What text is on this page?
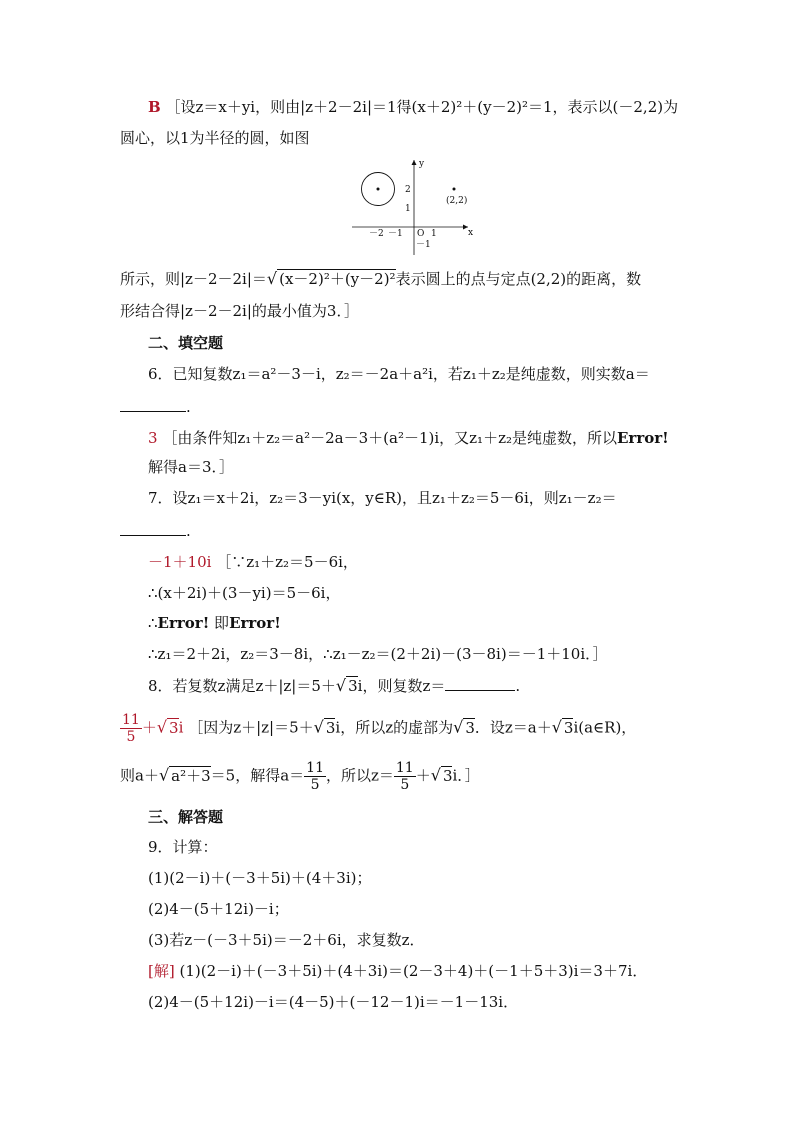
B ［设z＝x＋yi，则由|z＋2－2i|＝1得(x＋2)²＋(y－2)²＝1，表示以(－2,2)为
圆心，以1为半径的圆，如图
y
x
2
1
－2 －1 O 1
－1
(2,2)
所示，则|z－2－2i|＝√ (x－2)²＋(y－2)²表示圆上的点与定点(2,2)的距离，数
形结合得|z－2－2i|的最小值为3．］
二、填空题
6．已知复数z₁＝a²－3－i，z₂＝－2a＋a²i，若z₁＋z₂是纯虚数，则实数a＝
.
3 ［由条件知z₁＋z₂＝a²－2a－3＋(a²－1)i，又z₁＋z₂是纯虚数，所以Error!
解得a＝3．］
7．设z₁＝x＋2i，z₂＝3－yi(x，y∈R)，且z₁＋z₂＝5－6i，则z₁－z₂＝
.
－1＋10i ［∵z₁＋z₂＝5－6i，
∴(x＋2i)＋(3－yi)＝5－6i，
∴Error! 即Error!
∴z₁＝2＋2i，z₂＝3－8i，∴z₁－z₂＝(2＋2i)－(3－8i)＝－1＋10i．］
8．若复数z满足z＋|z|＝5＋√ 3i，则复数z＝	.
$\frac{11}{5}$ ＋√ 3i ［因为z＋|z|＝5＋√ 3i，所以z的虚部为√ 3．设z＝a＋√ 3i(a∈R)，
则a＋√ a²＋3＝5，解得$a= \frac{11}{5}$ ，所以$z= \frac{11}{5}$ ＋√ 3i．］
三、解答题
9．计算：
(1)(2－i)＋(－3＋5i)＋(4＋3i)；
(2)4－(5＋12i)－i；
(3)若z－(－3＋5i)＝－2＋6i，求复数z．
[解] (1)(2－i)＋(－3＋5i)＋(4＋3i)＝(2－3＋4)＋(－1＋5＋3)i＝3＋7i．
(2)4－(5＋12i)－i＝(4－5)＋(－12－1)i＝－1－13i．
